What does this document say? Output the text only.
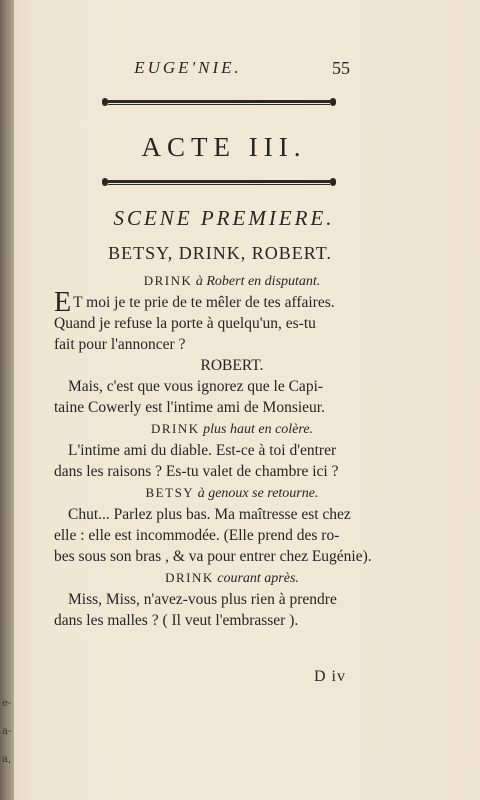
e-
a-
a,
EUGE'NIE.	55
ACTE III.
SCENE PREMIERE.
BETSY, DRINK, ROBERT.
DRINK à Robert en disputant.
E T moi je te prie de te mêler de tes affaires.
Quand je refuse la porte à quelqu'un, es-tu
fait pour l'annoncer ?
ROBERT.
Mais, c'est que vous ignorez que le Capi-
taine Cowerly est l'intime ami de Monsieur.
DRINK plus haut en colère.
L'intime ami du diable. Est-ce à toi d'entrer
dans les raisons ? Es-tu valet de chambre ici ?
BETSY à genoux se retourne.
Chut... Parlez plus bas. Ma maîtresse est chez
elle : elle est incommodée. (Elle prend des ro-
bes sous son bras , & va pour entrer chez Eugénie).
DRINK courant après.
Miss, Miss, n'avez-vous plus rien à prendre
dans les malles ? ( Il veut l'embrasser ).
D iv
